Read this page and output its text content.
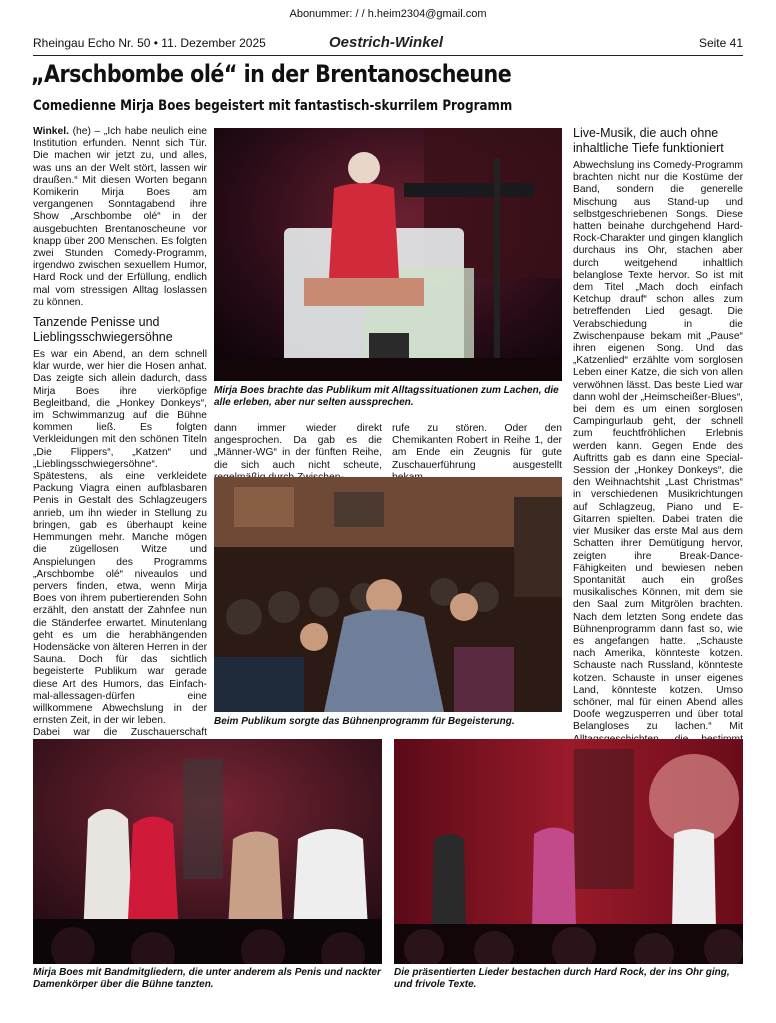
Abonummer: / / h.heim2304@gmail.com
Rheingau Echo Nr. 50 • 11. Dezember 2025	Oestrich-Winkel	Seite 41
„Arschbombe olé“ in der Brentanoscheune
Comedienne Mirja Boes begeistert mit fantastisch-skurrilem Programm

Winkel. (he) – „Ich habe neulich eine Institution erfunden. Nennt sich Tür. Die machen wir jetzt zu, und alles, was uns an der Welt stört, lassen wir draußen.“ Mit diesen Worten begann Komikerin Mirja Boes am vergangenen Sonntagabend ihre Show „Arschbombe olé“ in der ausgebuchten Brentanoscheune vor knapp über 200 Menschen. Es folgten zwei Stunden Comedy-Programm, irgendwo zwischen sexuellem Humor, Hard Rock und der Erfüllung, endlich mal vom stressigen Alltag loslassen zu können.

Tanzende Penisse und Lieblingsschwiegersöhne

Es war ein Abend, an dem schnell klar wurde, wer hier die Hosen anhat. Das zeigte sich allein dadurch, dass Mirja Boes ihre vierköpfige Begleitband, die „Honkey Donkeys“, im Schwimmanzug auf die Bühne kommen ließ. Es folgten Verkleidungen mit den schönen Titeln „Die Flippers“, „Katzen“ und „Lieblingsschwiegersöhne“. Spätestens, als eine verkleidete Packung Viagra einen aufblasbaren Penis in Gestalt des Schlagzeugers anrieb, um ihn wieder in Stellung zu bringen, gab es überhaupt keine Hemmungen mehr. Manche mögen die zügellosen Witze und Anspielungen des Programms „Arschbombe olé“ niveaulos und pervers finden, etwa, wenn Mirja Boes von ihrem pubertierenden Sohn erzählt, den anstatt der Zahnfee nun die Ständerfee erwartet. Minutenlang geht es um die herabhängenden Hodensäcke von älteren Herren in der Sauna. Doch für das sichtlich begeisterte Publikum war gerade diese Art des Humors, das Einfach-mal-allessagen-dürfen eine willkommene Abwechslung in der ernsten Zeit, in der wir leben.

Dabei war die Zuschauerschaft

Mirja Boes brachte das Publikum mit Alltagssituationen zum Lachen, die alle erleben, aber nur selten aussprechen.

dann immer wieder direkt angesprochen. Da gab es die „Männer-WG“ in der fünften Reihe, die sich auch nicht scheute,

rufe zu stören. Oder den Chemikanten Robert in Reihe 1, der am Ende ein Zeugnis für gute Zuschauerführung ausgestellt

Beim Publikum sorgte das Bühnenprogramm für Begeisterung.

Live-Musik, die auch ohne inhaltliche Tiefe funktioniert

Abwechslung ins Comedy-Programm brachten nicht nur die Kostüme der Band, sondern die generelle Mischung aus Stand-up und selbstgeschriebenen Songs. Diese hatten beinahe durchgehend Hard-Rock-Charakter und gingen klanglich durchaus ins Ohr, stachen aber durch weitgehend inhaltlich belanglose Texte hervor. So ist mit dem Titel „Mach doch einfach Ketchup drauf“ schon alles zum betreffenden Lied gesagt. Die Verabschiedung in die Zwischenpause bekam mit „Pause“ ihren eigenen Song. Und das „Katzenlied“ erzählte vom sorglosen Leben einer Katze, die sich von allen verwöhnen lässt. Das beste Lied war dann wohl der „Heimscheißer-Blues“, bei dem es um einen sorglosen Campingurlaub geht, der schnell zum feuchtfröhlichen Erlebnis werden kann. Gegen Ende des Auftritts gab es dann eine Special-Session der „Honkey Donkeys“, die den Weihnachtshit „Last Christmas“ in verschiedenen Musikrichtungen auf Schlagzeug, Piano und E-Gitarren spielten. Dabei traten die vier Musiker das erste Mal aus dem Schatten ihrer Demütigung hervor, zeigten ihre Break-Dance-Fähigkeiten und bewiesen neben Spontanität auch ein großes musikalisches Können, mit dem sie den Saal zum Mitgrölen brachten. Nach dem letzten Song endete das Bühnenprogramm dann fast so, wie es angefangen hatte. „Schauste nach Amerika, könnteste kotzen. Schauste nach Russland, könnteste kotzen. Schauste in unser eigenes Land, könnteste kotzen. Umso schöner, mal für einen Abend alles Doofe wegzusperren und über total Belangloses zu lachen.“ Mit

Mirja Boes mit Bandmitgliedern, die unter anderem als Penis und nackter Damenkörper über die Bühne tanzten.
Die präsentierten Lieder bestachen durch Hard Rock, der ins Ohr ging, und frivole Texte.
